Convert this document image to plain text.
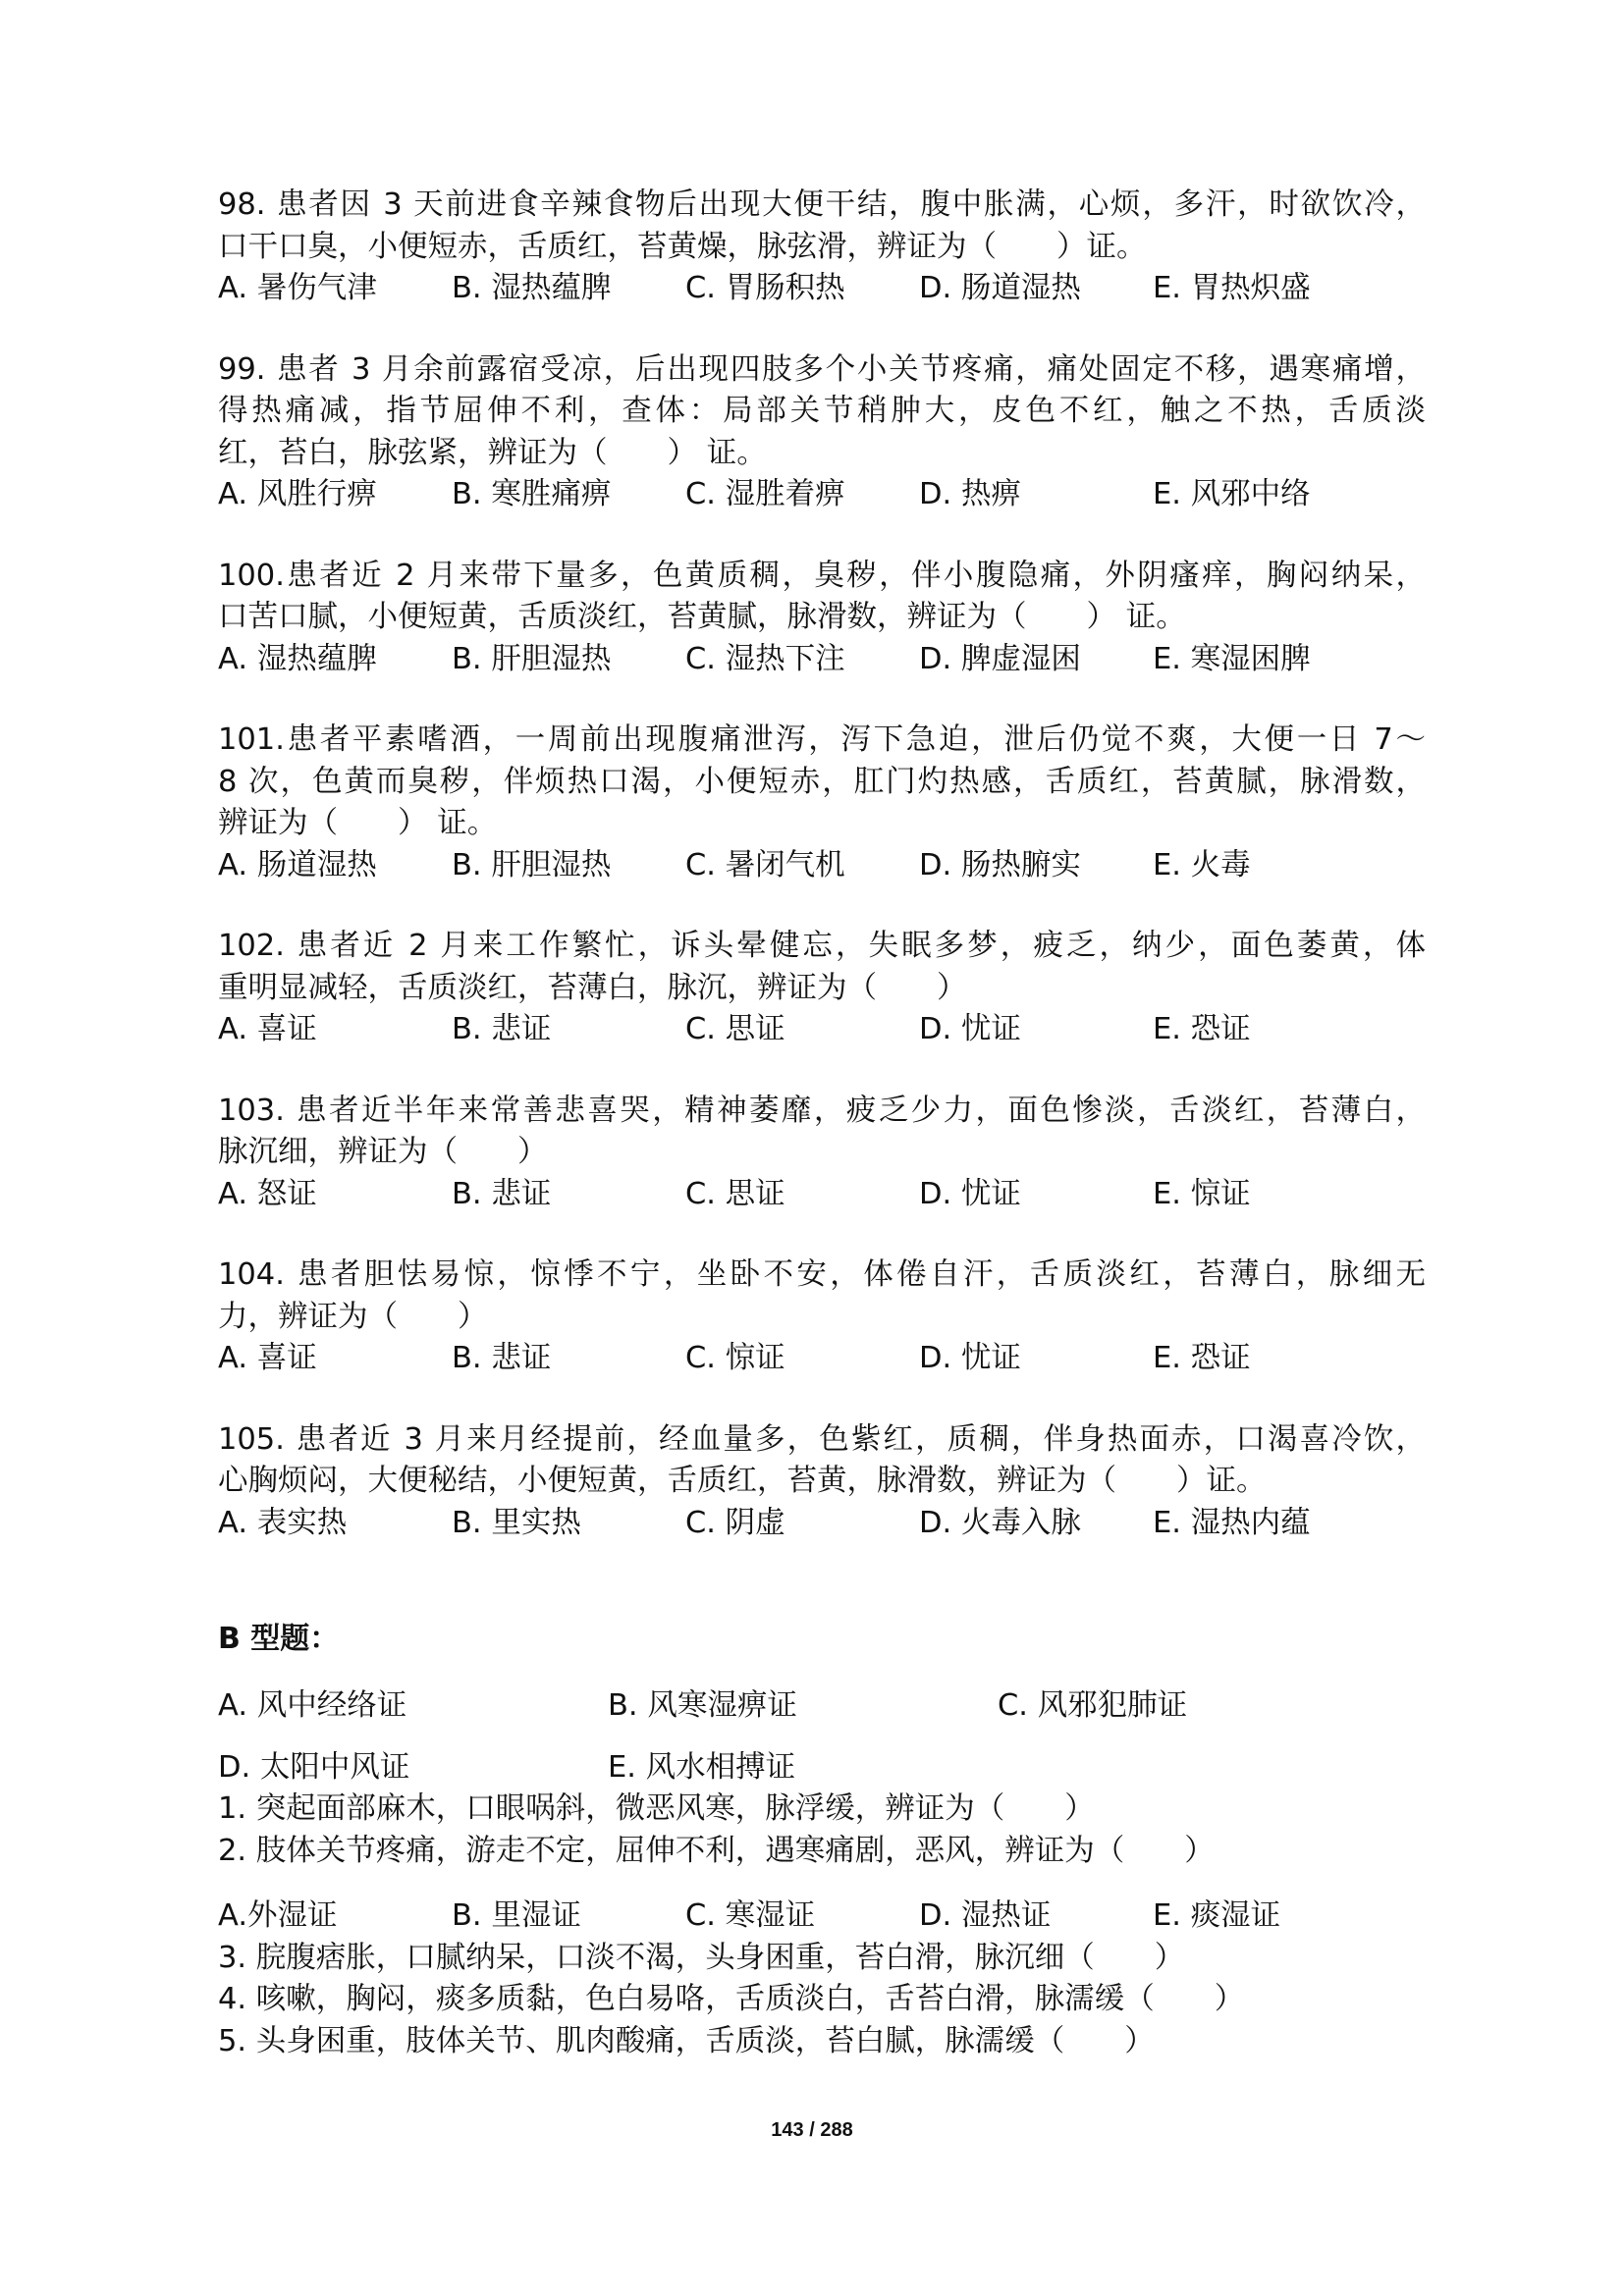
98. 患者因 3 天前进食辛辣食物后出现大便干结，腹中胀满，心烦，多汗，时欲饮冷，
口干口臭，小便短赤，舌质红，苔黄燥，脉弦滑，辨证为（　　）证。
A. 暑伤气津	B. 湿热蕴脾	C. 胃肠积热	D. 肠道湿热	E. 胃热炽盛
99. 患者 3 月余前露宿受凉，后出现四肢多个小关节疼痛，痛处固定不移，遇寒痛增，
得热痛减，指节屈伸不利，查体：局部关节稍肿大，皮色不红，触之不热，舌质淡
红，苔白，脉弦紧，辨证为（　　） 证。
A. 风胜行痹	B. 寒胜痛痹	C. 湿胜着痹	D. 热痹	E. 风邪中络
100.患者近 2 月来带下量多，色黄质稠，臭秽，伴小腹隐痛，外阴瘙痒，胸闷纳呆，
口苦口腻，小便短黄，舌质淡红，苔黄腻，脉滑数，辨证为（　　） 证。
A. 湿热蕴脾	B. 肝胆湿热	C. 湿热下注	D. 脾虚湿困	E. 寒湿困脾
101.患者平素嗜酒，一周前出现腹痛泄泻，泻下急迫，泄后仍觉不爽，大便一日 7～
8 次，色黄而臭秽，伴烦热口渴，小便短赤，肛门灼热感，舌质红，苔黄腻，脉滑数，
辨证为（　　） 证。
A. 肠道湿热	B. 肝胆湿热	C. 暑闭气机	D. 肠热腑实	E. 火毒
102. 患者近 2 月来工作繁忙，诉头晕健忘，失眠多梦，疲乏，纳少，面色萎黄，体
重明显减轻，舌质淡红，苔薄白，脉沉，辨证为（　　）
A. 喜证	B. 悲证	C. 思证	D. 忧证	E. 恐证
103. 患者近半年来常善悲喜哭，精神萎靡，疲乏少力，面色惨淡，舌淡红，苔薄白，
脉沉细，辨证为（　　）
A. 怒证	B. 悲证	C. 思证	D. 忧证	E. 惊证
104. 患者胆怯易惊，惊悸不宁，坐卧不安，体倦自汗，舌质淡红，苔薄白，脉细无
力，辨证为（　　）
A. 喜证	B. 悲证	C. 惊证	D. 忧证	E. 恐证
105. 患者近 3 月来月经提前，经血量多，色紫红，质稠，伴身热面赤，口渴喜冷饮，
心胸烦闷，大便秘结，小便短黄，舌质红，苔黄，脉滑数，辨证为（　　）证。
A. 表实热	B. 里实热	C. 阴虚	D. 火毒入脉	E. 湿热内蕴
B 型题：
A. 风中经络证	B. 风寒湿痹证	C. 风邪犯肺证
D. 太阳中风证	E. 风水相搏证
1. 突起面部麻木，口眼㖞斜，微恶风寒，脉浮缓，辨证为（　　）
2. 肢体关节疼痛，游走不定，屈伸不利，遇寒痛剧，恶风，辨证为（　　）
A.外湿证	B. 里湿证	C. 寒湿证	D. 湿热证	E. 痰湿证
3. 脘腹痞胀，口腻纳呆，口淡不渴，头身困重，苔白滑，脉沉细（　　）
4. 咳嗽，胸闷，痰多质黏，色白易咯，舌质淡白，舌苔白滑，脉濡缓（　　）
5. 头身困重，肢体关节、肌肉酸痛，舌质淡，苔白腻，脉濡缓（　　）
143 / 288
